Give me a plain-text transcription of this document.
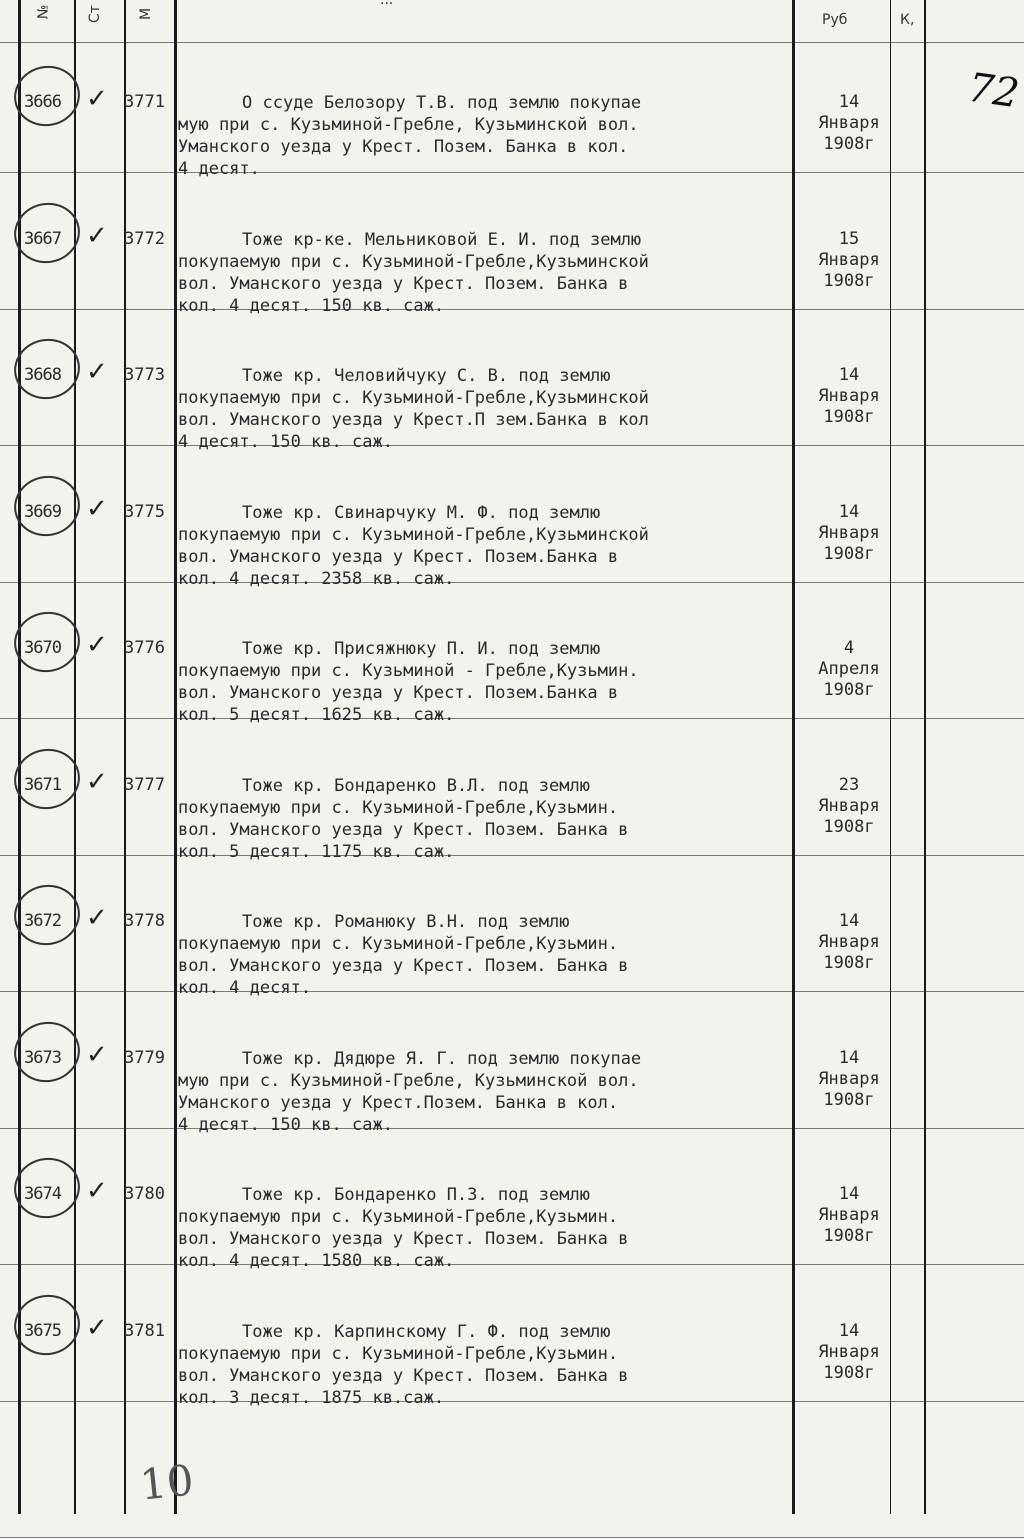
№	Ст	М
...
Руб	К,
3666 ✓ 3771	О ссуде Белозору Т.В. под землю покупае
мую при с. Кузьминой-Гребле, Кузьминской вол.
Уманского уезда у Крест. Позем. Банка в кол.
4 десят.
14
Января
1908г
3667 ✓ 3772	Тоже кр-ке. Мельниковой Е. И. под землю
покупаемую при с. Кузьминой-Гребле,Кузьминской
вол. Уманского уезда у Крест. Позем. Банка в
кол. 4 десят. 150 кв. саж.
15
Января
1908г
3668 ✓ 3773	Тоже кр. Человийчуку С. В. под землю
покупаемую при с. Кузьминой-Гребле,Кузьминской
вол. Уманского уезда у Крест.П зем.Банка в кол
4 десят. 150 кв. саж.
14
Января
1908г
3669 ✓ 3775	Тоже кр. Свинарчуку М. Ф. под землю
покупаемую при с. Кузьминой-Гребле,Кузьминской
вол. Уманского уезда у Крест. Позем.Банка в
кол. 4 десят. 2358 кв. саж.
14
Января
1908г
3670 ✓ 3776	Тоже кр. Присяжнюку П. И. под землю
покупаемую при с. Кузьминой - Гребле,Кузьмин.
вол. Уманского уезда у Крест. Позем.Банка в
кол. 5 десят. 1625 кв. саж.
4
Апреля
1908г
3671 ✓ 3777	Тоже кр. Бондаренко В.Л. под землю
покупаемую при с. Кузьминой-Гребле,Кузьмин.
вол. Уманского уезда у Крест. Позем. Банка в
кол. 5 десят. 1175 кв. саж.
23
Января
1908г
3672 ✓ 3778	Тоже кр. Романюку В.Н. под землю
покупаемую при с. Кузьминой-Гребле,Кузьмин.
вол. Уманского уезда у Крест. Позем. Банка в
кол. 4 десят.
14
Января
1908г
3673 ✓ 3779	Тоже кр. Дядюре Я. Г. под землю покупае
мую при с. Кузьминой-Гребле, Кузьминской вол.
Уманского уезда у Крест.Позем. Банка в кол.
4 десят. 150 кв. саж.
14
Января
1908г
3674 ✓ 3780	Тоже кр. Бондаренко П.З. под землю
покупаемую при с. Кузьминой-Гребле,Кузьмин.
вол. Уманского уезда у Крест. Позем. Банка в
кол. 4 десят. 1580 кв. саж.
14
Января
1908г
3675 ✓ 3781	Тоже кр. Карпинскому Г. Ф. под землю
покупаемую при с. Кузьминой-Гребле,Кузьмин.
вол. Уманского уезда у Крест. Позем. Банка в
кол. 3 десят. 1875 кв.саж.
14
Января
1908г
72
10
